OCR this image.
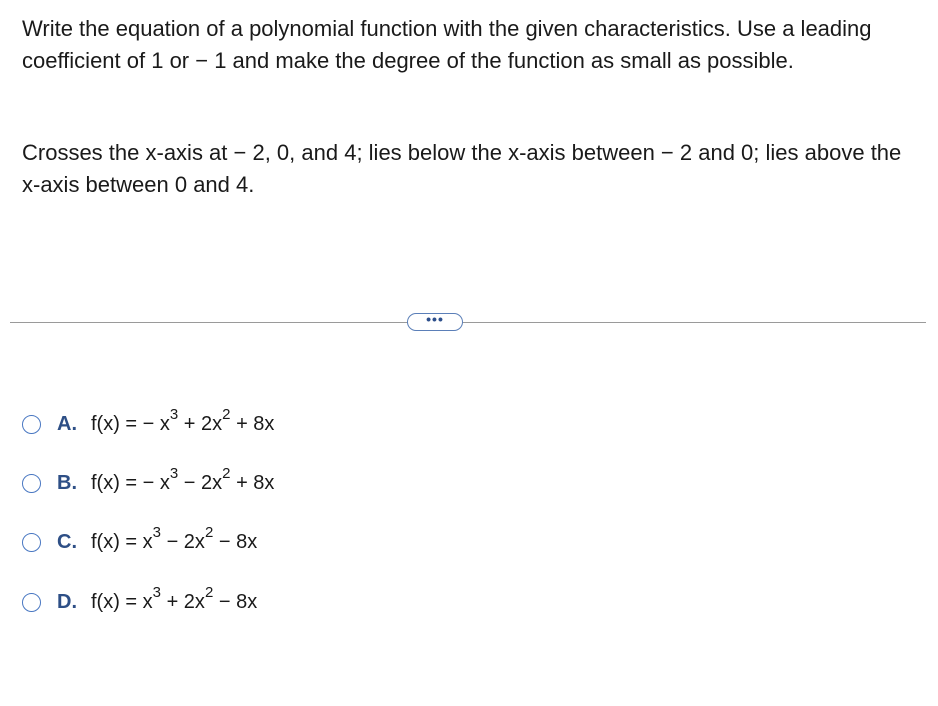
Write the equation of a polynomial function with the given characteristics. Use a leading coefficient of 1 or − 1 and make the degree of the function as small as possible.

Crosses the x-axis at − 2, 0, and 4; lies below the x-axis between − 2 and 0; lies above the x-axis between 0 and 4.

•••
A. f(x) = − $x^3 + 2x^2 + 8x$
B. f(x) = − $x^3 - 2x^2 + 8x$
C. $f(x) = x^3 - 2x^2 - 8x$
D. $f(x) = x^3 + 2x^2 - 8x$
